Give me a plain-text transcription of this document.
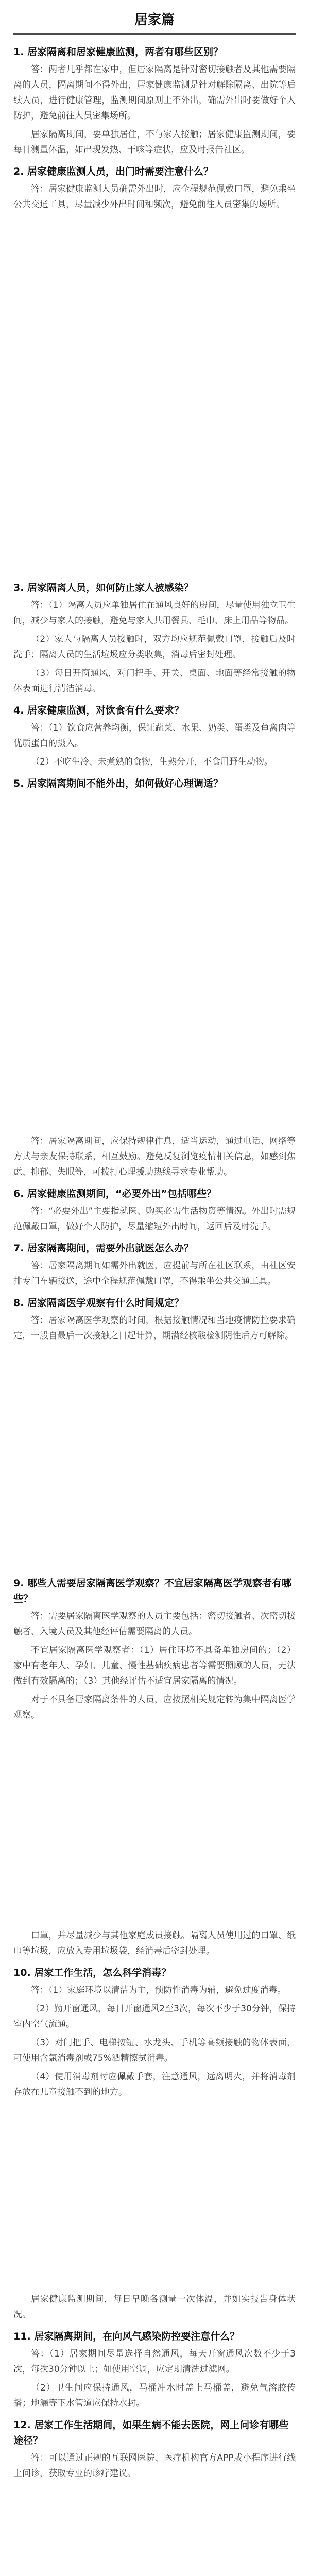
居家篇
1. 居家隔离和居家健康监测，两者有哪些区别？
答：两者几乎都在家中，但居家隔离是针对密切接触者及其他需要隔离的人员，隔离期间不得外出，居家健康监测是针对解除隔离、出院等后续人员，进行健康管理，监测期间原则上不外出，确需外出时要做好个人防护，避免前往人员密集场所。
居家隔离期间，要单独居住，不与家人接触；居家健康监测期间，要每日测量体温，如出现发热、干咳等症状，应及时报告社区。
2. 居家健康监测人员，出门时需要注意什么？
答：居家健康监测人员确需外出时，应全程规范佩戴口罩，避免乘坐公共交通工具，尽量减少外出时间和频次，避免前往人员密集的场所。
3. 居家隔离人员，如何防止家人被感染？
答：（1）隔离人员应单独居住在通风良好的房间，尽量使用独立卫生间，减少与家人的接触，避免与家人共用餐具、毛巾、床上用品等物品。
（2）家人与隔离人员接触时，双方均应规范佩戴口罩，接触后及时洗手；隔离人员的生活垃圾应分类收集，消毒后密封处理。
（3）每日开窗通风，对门把手、开关、桌面、地面等经常接触的物体表面进行清洁消毒。
4. 居家健康监测，对饮食有什么要求？
答：（1）饮食应营养均衡，保证蔬菜、水果、奶类、蛋类及鱼禽肉等优质蛋白的摄入。
（2）不吃生冷、未煮熟的食物，生熟分开，不食用野生动物。
5. 居家隔离期间不能外出，如何做好心理调适？
答：居家隔离期间，应保持规律作息，适当运动，通过电话、网络等方式与亲友保持联系，相互鼓励。避免反复浏览疫情相关信息，如感到焦虑、抑郁、失眠等，可拨打心理援助热线寻求专业帮助。
6. 居家健康监测期间，“必要外出”包括哪些？
答：“必要外出”主要指就医、购买必需生活物资等情况。外出时需规范佩戴口罩，做好个人防护，尽量缩短外出时间，返回后及时洗手。
7. 居家隔离期间，需要外出就医怎么办？
答：居家隔离期间如需外出就医，应提前与所在社区联系，由社区安排专门车辆接送，途中全程规范佩戴口罩，不得乘坐公共交通工具。
8. 居家隔离医学观察有什么时间规定？
答：居家隔离医学观察的时间，根据接触情况和当地疫情防控要求确定，一般自最后一次接触之日起计算，期满经核酸检测阴性后方可解除。
9. 哪些人需要居家隔离医学观察？不宜居家隔离医学观察者有哪些？
答：需要居家隔离医学观察的人员主要包括：密切接触者、次密切接触者、入境人员及其他经评估需要隔离的人员。
不宜居家隔离医学观察者：（1）居住环境不具备单独房间的；（2）家中有老年人、孕妇、儿童、慢性基础疾病患者等需要照顾的人员，无法做到有效隔离的；（3）其他经评估不适宜居家隔离的情况。
对于不具备居家隔离条件的人员，应按照相关规定转为集中隔离医学观察。
口罩，并尽量减少与其他家庭成员接触。隔离人员使用过的口罩、纸巾等垃圾，应放入专用垃圾袋，经消毒后密封处理。
10. 居家工作生活，怎么科学消毒？
答：（1）家庭环境以清洁为主，预防性消毒为辅，避免过度消毒。
（2）勤开窗通风，每日开窗通风2至3次，每次不少于30分钟，保持室内空气流通。
（3）对门把手、电梯按钮、水龙头、手机等高频接触的物体表面，可使用含氯消毒剂或75%酒精擦拭消毒。
（4）使用消毒剂时应佩戴手套，注意通风，远离明火，并将消毒剂存放在儿童接触不到的地方。
居家健康监测期间，每日早晚各测量一次体温，并如实报告身体状况。
11. 居家隔离期间，在向风气感染防控要注意什么？
答：（1）居家期间尽量选择自然通风，每天开窗通风次数不少于3次，每次30分钟以上；如使用空调，应定期清洗过滤网。
（2）卫生间应保持通风，马桶冲水时盖上马桶盖，避免气溶胶传播；地漏等下水管道应保持水封。
12. 居家工作生活期间，如果生病不能去医院，网上问诊有哪些途径？
答：可以通过正规的互联网医院、医疗机构官方APP或小程序进行线上问诊，获取专业的诊疗建议。
